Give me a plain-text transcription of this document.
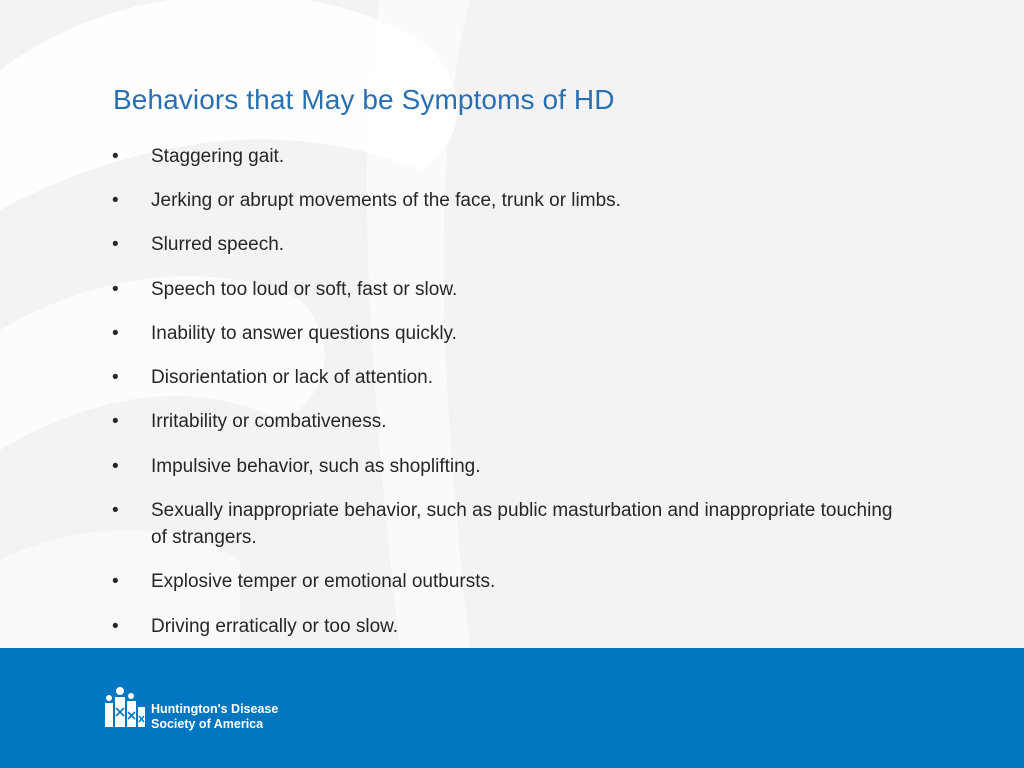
Behaviors that May be Symptoms of HD
•	Staggering gait.
•	Jerking or abrupt movements of the face, trunk or limbs.
•	Slurred speech.
•	Speech too loud or soft, fast or slow.
•	Inability to answer questions quickly.
•	Disorientation or lack of attention.
•	Irritability or combativeness.
•	Impulsive behavior, such as shoplifting.
•	Sexually inappropriate behavior, such as public masturbation and inappropriate touching of strangers.
•	Explosive temper or emotional outbursts.
•	Driving erratically or too slow.
Huntington's Disease
Society of America
